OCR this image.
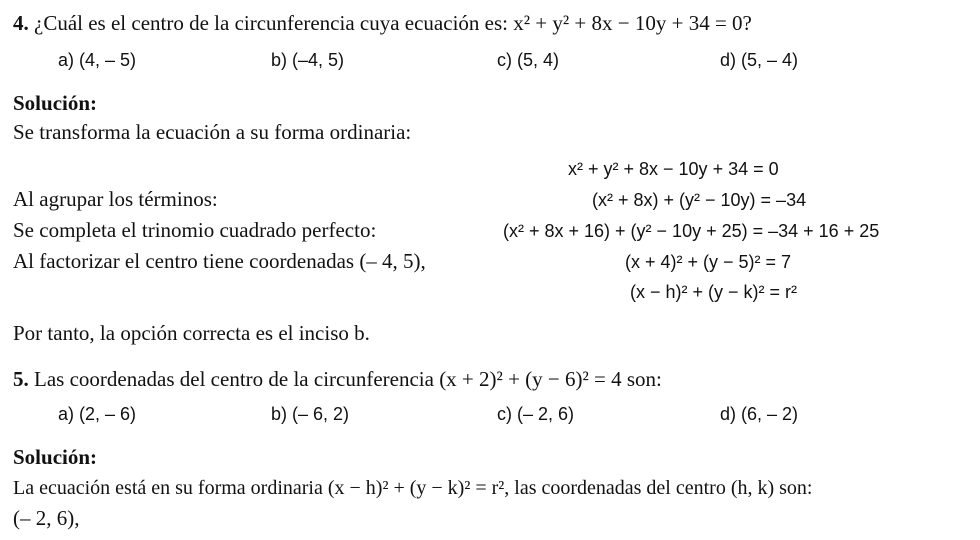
4. ¿Cuál es el centro de la circunferencia cuya ecuación es: x² + y² + 8x − 10y + 34 = 0?
a) (4, – 5)	b) (–4, 5)	c) (5, 4)	d) (5, – 4)
Solución:
Se transforma la ecuación a su forma ordinaria:
x² + y² + 8x − 10y + 34 = 0
Al agrupar los términos:	(x² + 8x) + (y² − 10y) = –34
Se completa el trinomio cuadrado perfecto:	(x² + 8x + 16) + (y² − 10y + 25) = –34 + 16 + 25
Al factorizar el centro tiene coordenadas (– 4, 5),	(x + 4)² + (y − 5)² = 7
(x − h)² + (y − k)² = r²
Por tanto, la opción correcta es el inciso b.
5. Las coordenadas del centro de la circunferencia (x + 2)² + (y − 6)² = 4 son:
a) (2, – 6)	b) (– 6, 2)	c) (– 2, 6)	d) (6, – 2)
Solución:
La ecuación está en su forma ordinaria (x − h)² + (y − k)² = r², las coordenadas del centro (h, k) son:
(– 2, 6),
